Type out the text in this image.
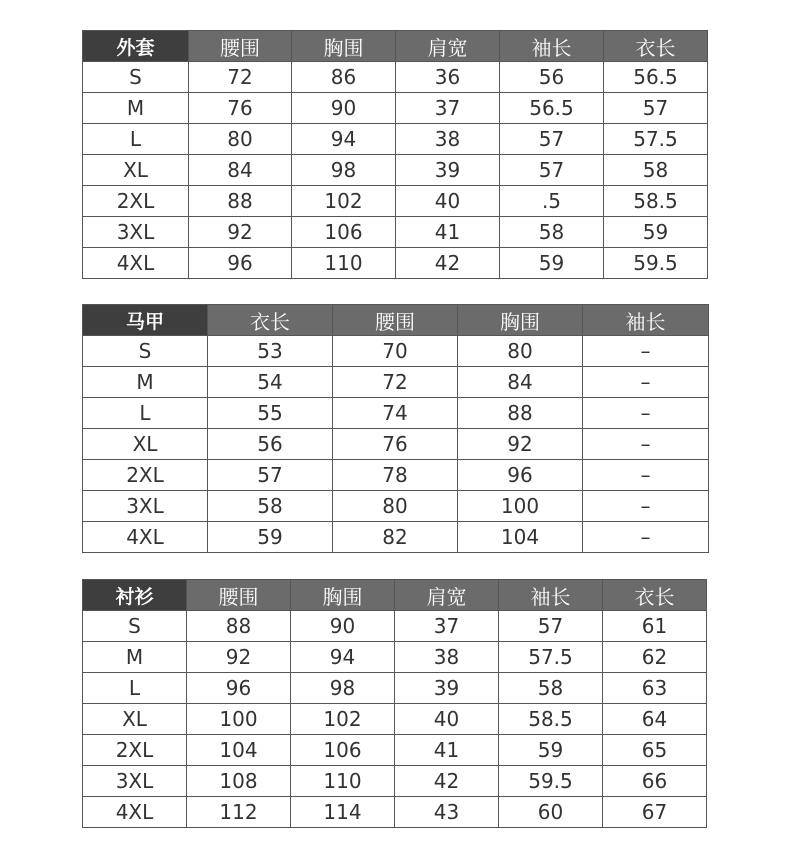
外套	腰围	胸围	肩宽	袖长	衣长
S	72	86	36	56	56.5
M	76	90	37	56.5	57
L	80	94	38	57	57.5
XL	84	98	39	57	58
2XL	88	102	40	.5	58.5
3XL	92	106	41	58	59
4XL	96	110	42	59	59.5
马甲	衣长	腰围	胸围	袖长
S	53	70	80	–
M	54	72	84	–
L	55	74	88	–
XL	56	76	92	–
2XL	57	78	96	–
3XL	58	80	100	–
4XL	59	82	104	–
衬衫	腰围	胸围	肩宽	袖长	衣长
S	88	90	37	57	61
M	92	94	38	57.5	62
L	96	98	39	58	63
XL	100	102	40	58.5	64
2XL	104	106	41	59	65
3XL	108	110	42	59.5	66
4XL	112	114	43	60	67
